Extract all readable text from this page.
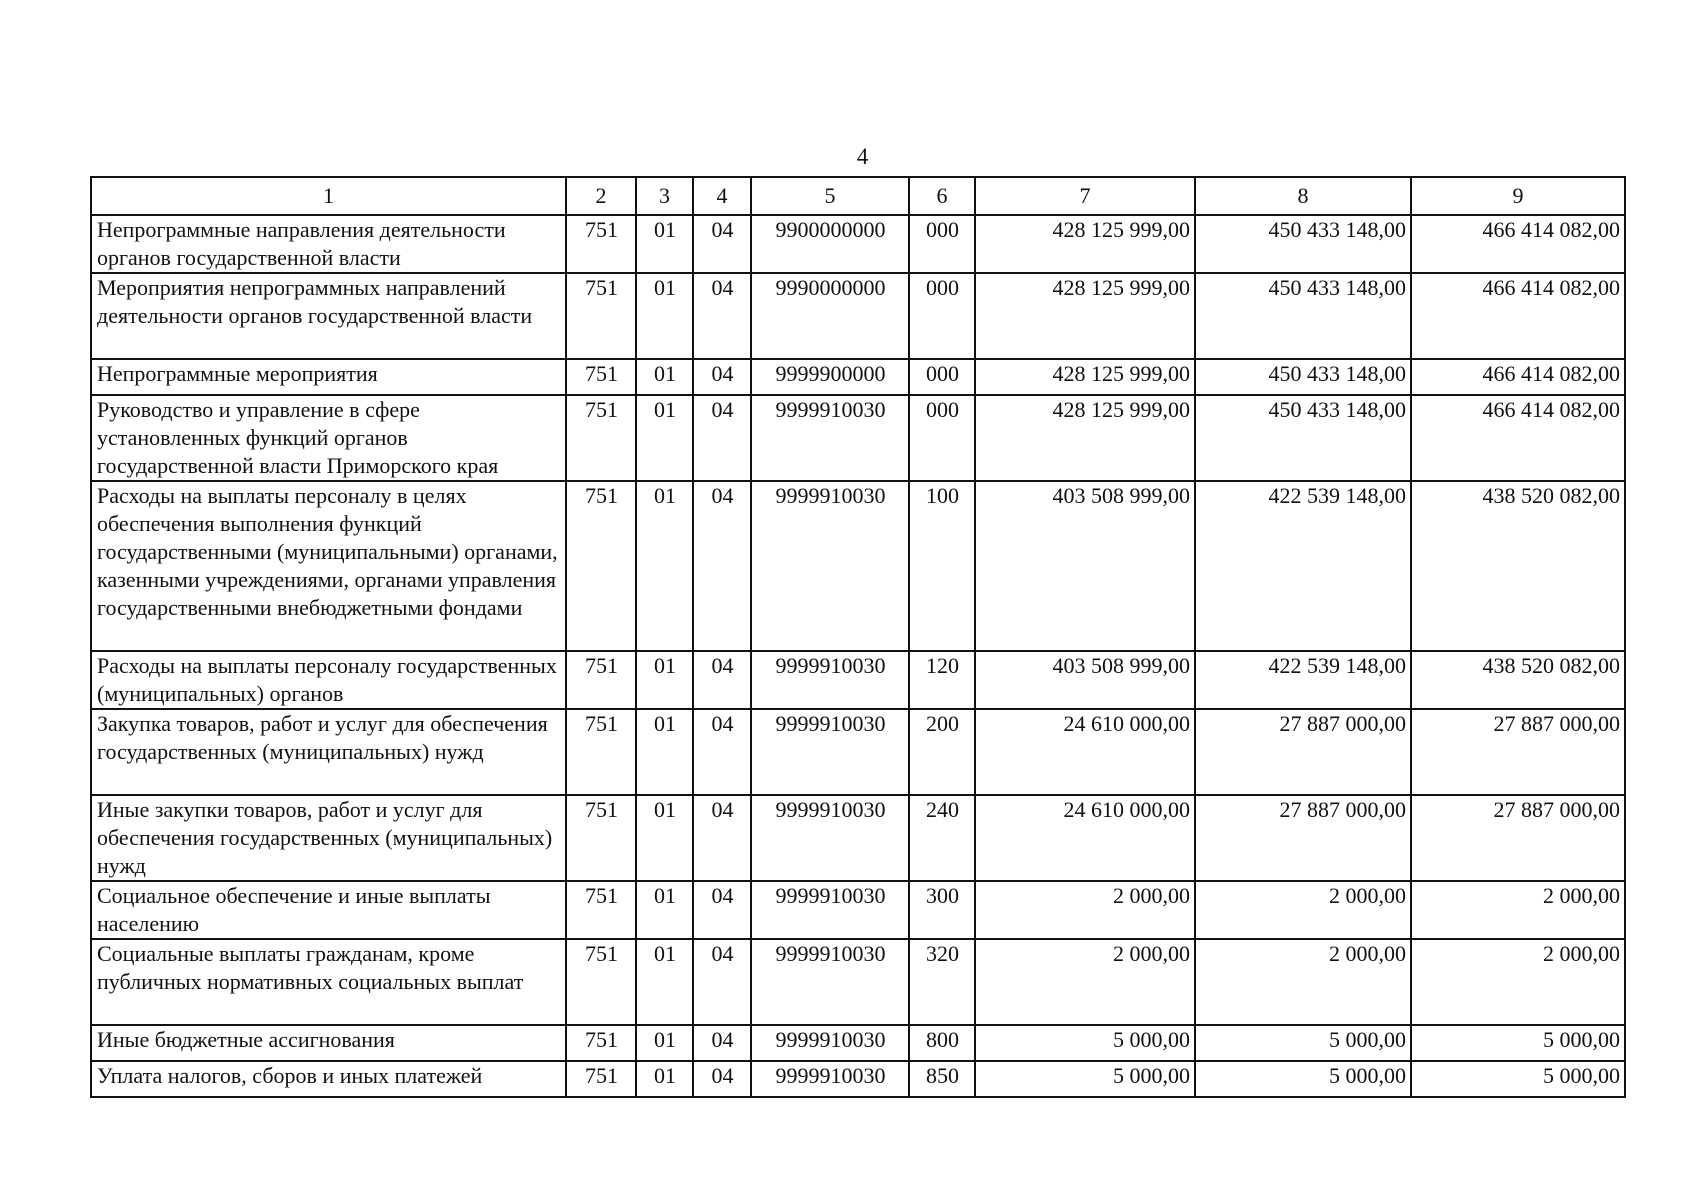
4
1	2	3	4	5	6	7	8	9
Непрограммные направления деятельности органов государственной власти	751	01	04	9900000000	000	428 125 999,00	450 433 148,00	466 414 082,00
Мероприятия непрограммных направлений деятельности органов государственной власти	751	01	04	9990000000	000	428 125 999,00	450 433 148,00	466 414 082,00
Непрограммные мероприятия	751	01	04	9999900000	000	428 125 999,00	450 433 148,00	466 414 082,00
Руководство и управление в сфере установленных функций органов государственной власти Приморского края	751	01	04	9999910030	000	428 125 999,00	450 433 148,00	466 414 082,00
Расходы на выплаты персоналу в целях обеспечения выполнения функций государственными (муниципальными) органами, казенными учреждениями, органами управления государственными внебюджетными фондами	751	01	04	9999910030	100	403 508 999,00	422 539 148,00	438 520 082,00
Расходы на выплаты персоналу государственных (муниципальных) органов	751	01	04	9999910030	120	403 508 999,00	422 539 148,00	438 520 082,00
Закупка товаров, работ и услуг для обеспечения государственных (муниципальных) нужд	751	01	04	9999910030	200	24 610 000,00	27 887 000,00	27 887 000,00
Иные закупки товаров, работ и услуг для обеспечения государственных (муниципальных) нужд	751	01	04	9999910030	240	24 610 000,00	27 887 000,00	27 887 000,00
Социальное обеспечение и иные выплаты населению	751	01	04	9999910030	300	2 000,00	2 000,00	2 000,00
Социальные выплаты гражданам, кроме публичных нормативных социальных выплат	751	01	04	9999910030	320	2 000,00	2 000,00	2 000,00
Иные бюджетные ассигнования	751	01	04	9999910030	800	5 000,00	5 000,00	5 000,00
Уплата налогов, сборов и иных платежей	751	01	04	9999910030	850	5 000,00	5 000,00	5 000,00
